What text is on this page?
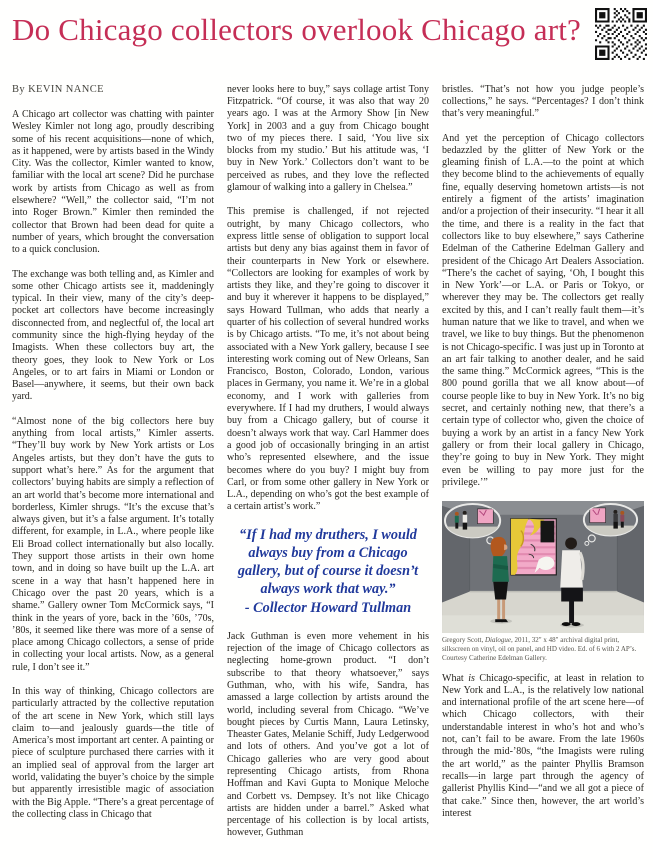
Do Chicago collectors overlook Chicago art?
By KEVIN NANCE

A Chicago art collector was chatting with painter Wesley Kimler not long ago, proudly describing some of his recent acquisitions—none of which, as it happened, were by artists based in the Windy City. Was the collector, Kimler wanted to know, familiar with the local art scene? Did he purchase work by artists from Chicago as well as from elsewhere? “Well,” the collector said, “I’m not into Roger Brown.” Kimler then reminded the collector that Brown had been dead for quite a number of years, which brought the conversation to a quick conclusion.

The exchange was both telling and, as Kimler and some other Chicago artists see it, maddeningly typical. In their view, many of the city’s deep-pocket art collectors have become increasingly disconnected from, and neglectful of, the local art community since the high-flying heyday of the Imagists. When these collectors buy art, the theory goes, they look to New York or Los Angeles, or to art fairs in Miami or London or Basel—anywhere, it seems, but their own back yard.

“Almost none of the big collectors here buy anything from local artists,” Kimler asserts. “They’ll buy work by New York artists or Los Angeles artists, but they don’t have the guts to support what’s here.” As for the argument that collectors’ buying habits are simply a reflection of an art world that’s become more international and borderless, Kimler shrugs. “It’s the excuse that’s always given, but it’s a false argument. It’s totally different, for example, in L.A., where people like Eli Broad collect internationally but also locally. They support those artists in their own home town, and in doing so have built up the L.A. art scene in a way that hasn’t happened here in Chicago over the past 20 years, which is a shame.” Gallery owner Tom McCormick says, “I think in the years of yore, back in the ’60s, ’70s, ’80s, it seemed like there was more of a sense of place among Chicago collectors, a sense of pride in collecting your local artists. Now, as a general rule, I don’t see it.”

In this way of thinking, Chicago collectors are particularly attracted by the collective reputation of the art scene in New York, which still lays claim to—and jealously guards—the title of America’s most important art center. A painting or piece of sculpture purchased there carries with it an implied seal of approval from the larger art world, validating the buyer’s choice by the simple but apparently irresistible magic of association with the Big Apple. “There’s a great percentage of the collecting class in Chicago that

never looks here to buy,” says collage artist Tony Fitzpatrick. “Of course, it was also that way 20 years ago. I was at the Armory Show [in New York] in 2003 and a guy from Chicago bought two of my pieces there. I said, ‘You live six blocks from my studio.’ But his attitude was, ‘I buy in New York.’ Collectors don’t want to be perceived as rubes, and they love the reflected glamour of walking into a gallery in Chelsea.”

This premise is challenged, if not rejected outright, by many Chicago collectors, who express little sense of obligation to support local artists but deny any bias against them in favor of their counterparts in New York or elsewhere. “Collectors are looking for examples of work by artists they like, and they’re going to discover it and buy it wherever it happens to be displayed,” says Howard Tullman, who adds that nearly a quarter of his collection of several hundred works is by Chicago artists. “To me, it’s not about being associated with a New York gallery, because I see interesting work coming out of New Orleans, San Francisco, Boston, Colorado, London, various places in Germany, you name it. We’re in a global economy, and I work with galleries from everywhere. If I had my druthers, I would always buy from a Chicago gallery, but of course it doesn’t always work that way. Carl Hammer does a good job of occasionally bringing in an artist who’s represented elsewhere, and the issue becomes where do you buy? I might buy from Carl, or from some other gallery in New York or L.A., depending on who’s got the best example of a certain artist’s work.”

“If I had my druthers, I would always buy from a Chicago gallery, but of course it doesn’t always work that way.”
- Collector Howard Tullman

Jack Guthman is even more vehement in his rejection of the image of Chicago collectors as neglecting home-grown product. “I don’t subscribe to that theory whatsoever,” says Guthman, who, with his wife, Sandra, has amassed a large collection by artists around the world, including several from Chicago. “We’ve bought pieces by Curtis Mann, Laura Letinsky, Theaster Gates, Melanie Schiff, Judy Ledgerwood and lots of others. And you’ve got a lot of Chicago galleries who are very good about representing Chicago artists, from Rhona Hoffman and Kavi Gupta to Monique Meloche and Corbett vs. Dempsey. It’s not like Chicago artists are hidden under a barrel.” Asked what percentage of his collection is by local artists, however, Guthman

bristles. “That’s not how you judge people’s collections,” he says. “Percentages? I don’t think that’s very meaningful.”

And yet the perception of Chicago collectors bedazzled by the glitter of New York or the gleaming finish of L.A.—to the point at which they become blind to the achievements of equally fine, equally deserving hometown artists—is not entirely a figment of the artists’ imagination and/or a projection of their insecurity. “I hear it all the time, and there is a reality in the fact that collectors like to buy elsewhere,” says Catherine Edelman of the Catherine Edelman Gallery and president of the Chicago Art Dealers Association. “There’s the cachet of saying, ‘Oh, I bought this in New York’—or L.A. or Paris or Tokyo, or wherever they may be. The collectors get really excited by this, and I can’t really fault them—it’s human nature that we like to travel, and when we travel, we like to buy things. But the phenomenon is not Chicago-specific. I was just up in Toronto at an art fair talking to another dealer, and he said the same thing.” McCormick agrees, “This is the 800 pound gorilla that we all know about—of course people like to buy in New York. It’s no big secret, and certainly nothing new, that there’s a certain type of collector who, given the choice of buying a work by an artist in a fancy New York gallery or from their local gallery in Chicago, they’re going to buy in New York. They might even be willing to pay more just for the privilege.’”

Gregory Scott, Dialogue, 2011, 32" x 48" archival digital print, silkscreen on vinyl, oil on panel, and HD video. Ed. of 6 with 2 AP’s. Courtesy Catherine Edelman Gallery.

What is Chicago-specific, at least in relation to New York and L.A., is the relatively low national and international profile of the art scene here—of which Chicago collectors, with their understandable interest in who’s hot and who’s not, can’t fail to be aware. From the late 1960s through the mid-’80s, “the Imagists were ruling the art world,” as the painter Phyllis Bramson recalls—in large part through the agency of gallerist Phyllis Kind—“and we all got a piece of that cake.” Since then, however, the art world’s interest
